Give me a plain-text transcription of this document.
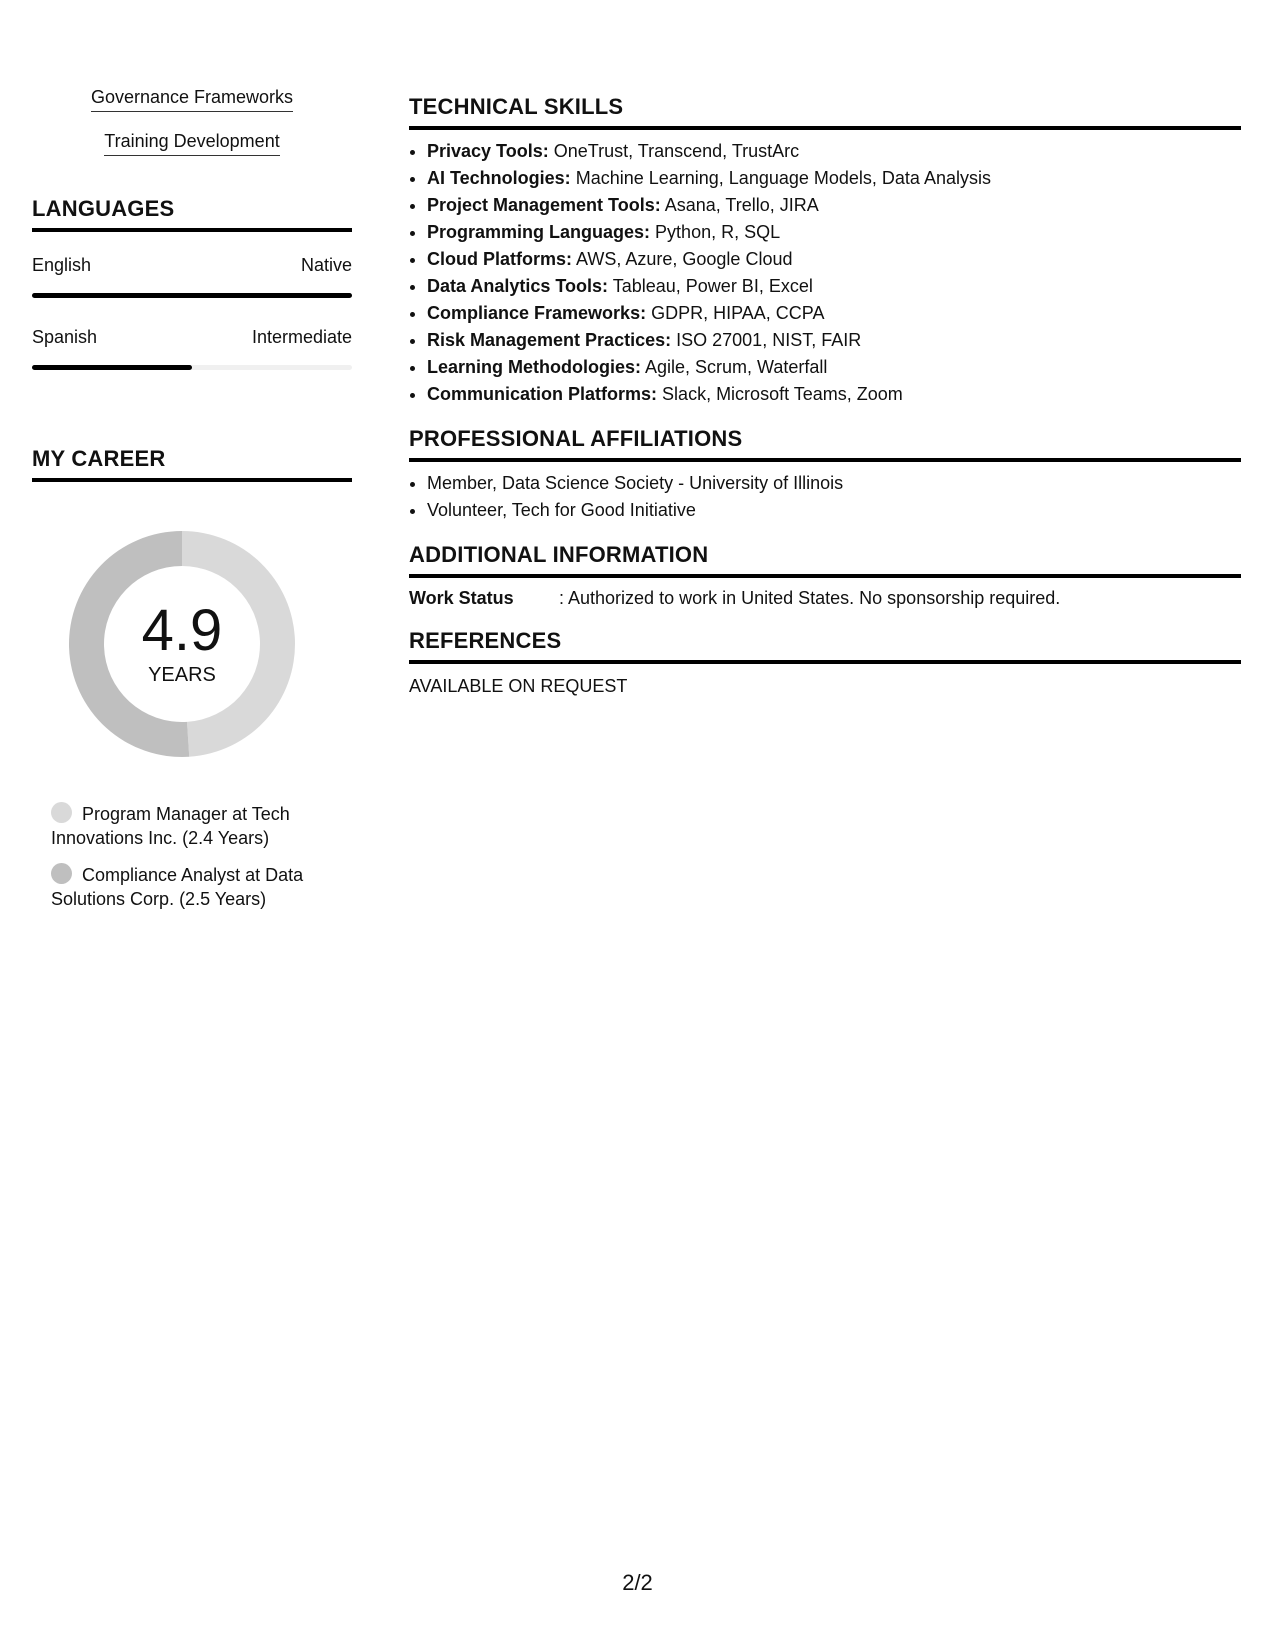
Governance Frameworks
Training Development
LANGUAGES
English	Native
Spanish	Intermediate
MY CAREER
4.9
YEARS
Program Manager at Tech Innovations Inc. (2.4 Years)
Compliance Analyst at Data Solutions Corp. (2.5 Years)
TECHNICAL SKILLS
• Privacy Tools: OneTrust, Transcend, TrustArc
• AI Technologies: Machine Learning, Language Models, Data Analysis
• Project Management Tools: Asana, Trello, JIRA
• Programming Languages: Python, R, SQL
• Cloud Platforms: AWS, Azure, Google Cloud
• Data Analytics Tools: Tableau, Power BI, Excel
• Compliance Frameworks: GDPR, HIPAA, CCPA
• Risk Management Practices: ISO 27001, NIST, FAIR
• Learning Methodologies: Agile, Scrum, Waterfall
• Communication Platforms: Slack, Microsoft Teams, Zoom
PROFESSIONAL AFFILIATIONS
• Member, Data Science Society - University of Illinois
• Volunteer, Tech for Good Initiative
ADDITIONAL INFORMATION
Work Status	: Authorized to work in United States. No sponsorship required.
REFERENCES
AVAILABLE ON REQUEST
2/2
